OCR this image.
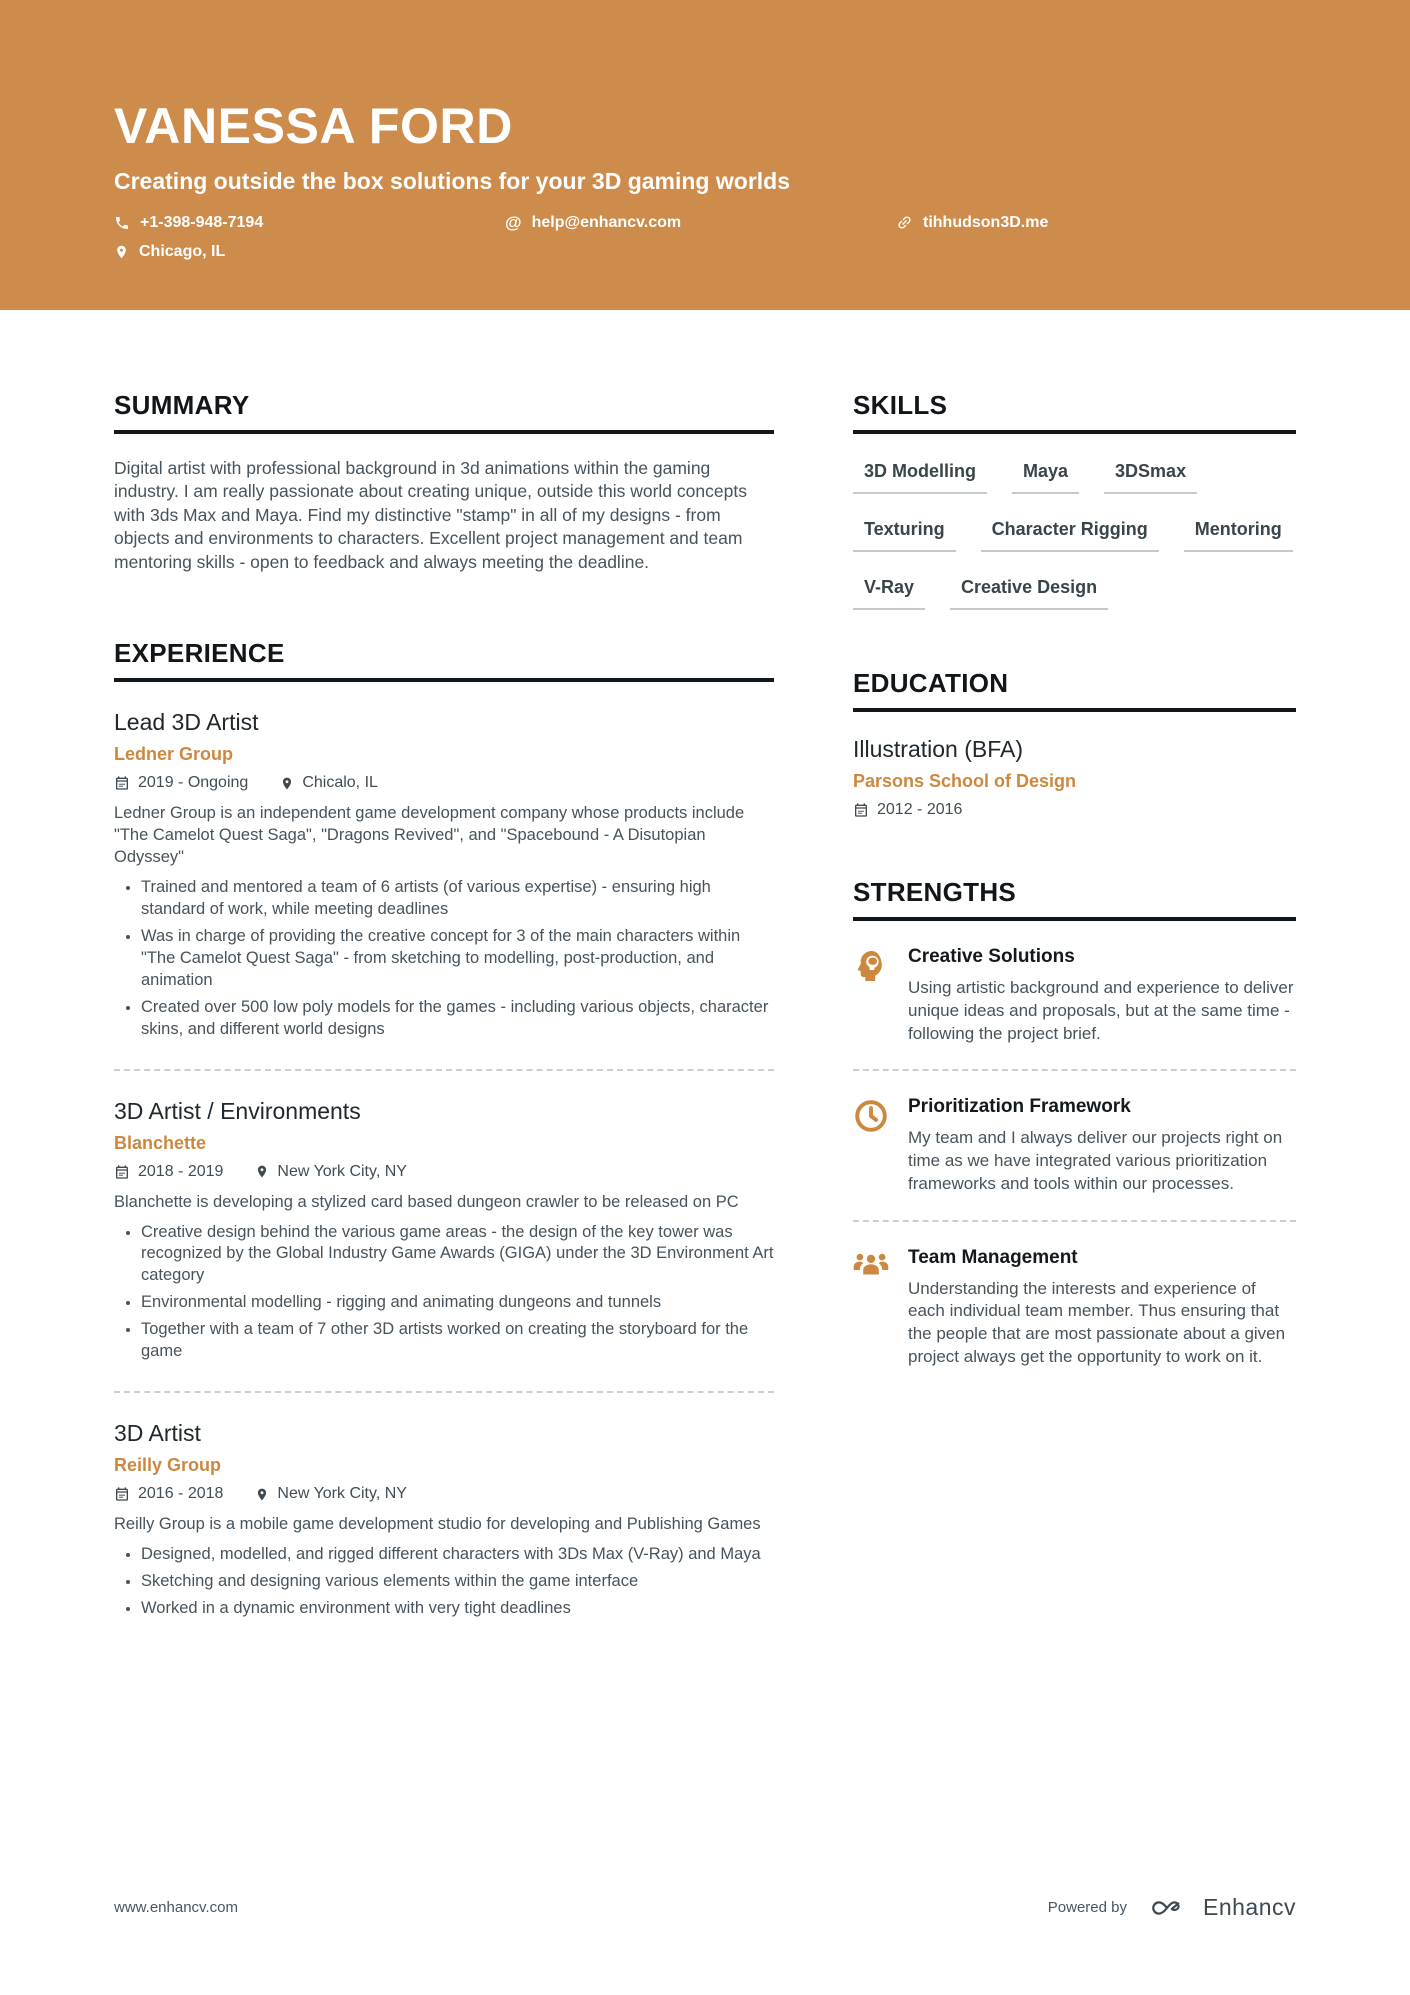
VANESSA FORD
Creating outside the box solutions for your 3D gaming worlds
+1-398-948-7194	@ help@enhancv.com	tihhudson3D.me
Chicago, IL
SUMMARY
Digital artist with professional background in 3d animations within the gaming industry. I am really passionate about creating unique, outside this world concepts with 3ds Max and Maya. Find my distinctive "stamp" in all of my designs - from objects and environments to characters. Excellent project management and team mentoring skills - open to feedback and always meeting the deadline.
EXPERIENCE
Lead 3D Artist
Ledner Group
2019 - Ongoing	Chicalo, IL
Ledner Group is an independent game development company whose products include "The Camelot Quest Saga", "Dragons Revived", and "Spacebound - A Disutopian Odyssey"
• Trained and mentored a team of 6 artists (of various expertise) - ensuring high standard of work, while meeting deadlines
• Was in charge of providing the creative concept for 3 of the main characters within "The Camelot Quest Saga" - from sketching to modelling, post-production, and animation
• Created over 500 low poly models for the games - including various objects, character skins, and different world designs
3D Artist / Environments
Blanchette
2018 - 2019	New York City, NY
Blanchette is developing a stylized card based dungeon crawler to be released on PC
• Creative design behind the various game areas - the design of the key tower was recognized by the Global Industry Game Awards (GIGA) under the 3D Environment Art category
• Environmental modelling - rigging and animating dungeons and tunnels
• Together with a team of 7 other 3D artists worked on creating the storyboard for the game
3D Artist
Reilly Group
2016 - 2018	New York City, NY
Reilly Group is a mobile game development studio for developing and Publishing Games
• Designed, modelled, and rigged different characters with 3Ds Max (V-Ray) and Maya
• Sketching and designing various elements within the game interface
• Worked in a dynamic environment with very tight deadlines
SKILLS
3D Modelling	Maya	3DSmax
Texturing	Character Rigging	Mentoring
V-Ray	Creative Design
EDUCATION
Illustration (BFA)
Parsons School of Design
2012 - 2016
STRENGTHS
Creative Solutions
Using artistic background and experience to deliver unique ideas and proposals, but at the same time - following the project brief.
Prioritization Framework
My team and I always deliver our projects right on time as we have integrated various prioritization frameworks and tools within our processes.
Team Management
Understanding the interests and experience of each individual team member. Thus ensuring that the people that are most passionate about a given project always get the opportunity to work on it.
www.enhancv.com	Powered by	Enhancv
